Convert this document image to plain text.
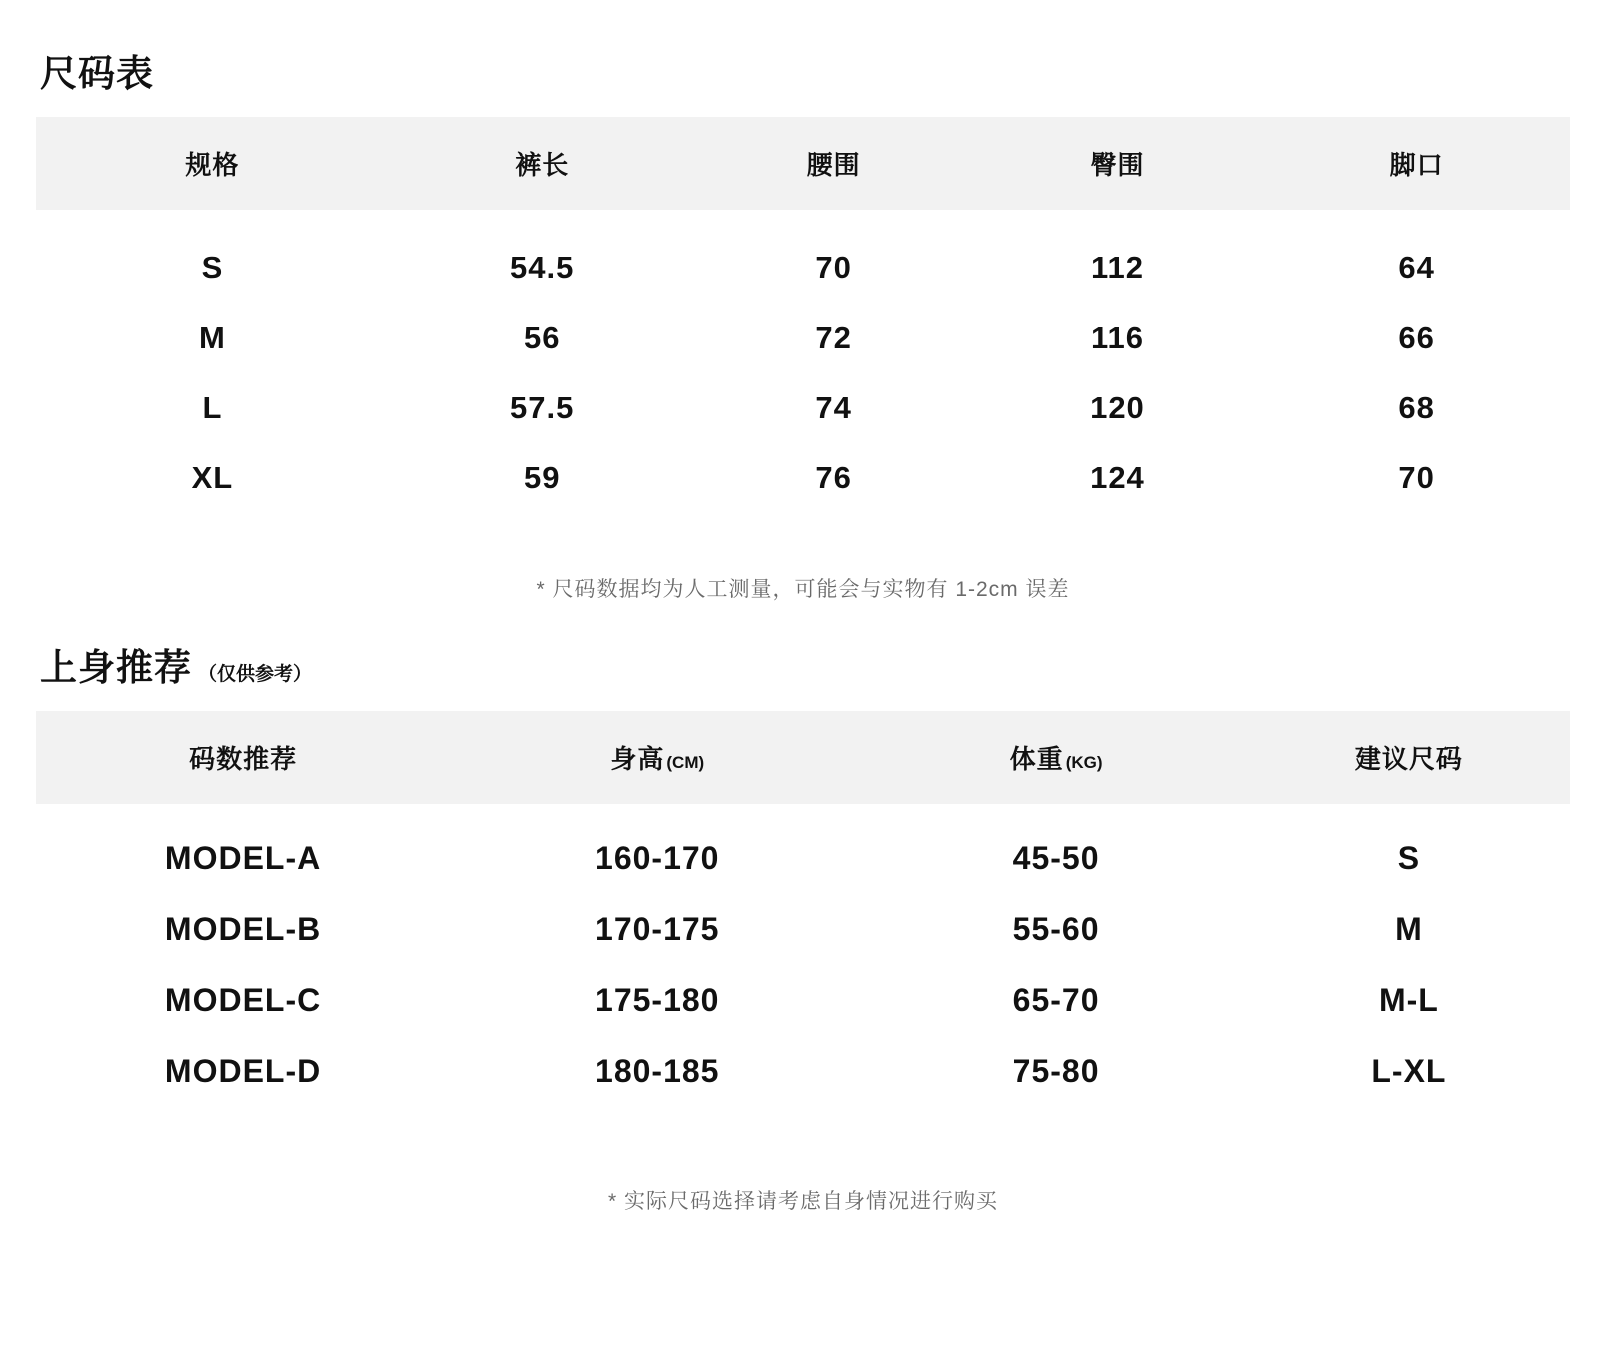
尺码表
规格	裤长	腰围	臀围	脚口
S	54.5	70	112	64
M	56	72	116	66
L	57.5	74	120	68
XL	59	76	124	70
* 尺码数据均为人工测量，可能会与实物有 1-2cm 误差
上身推荐 （仅供参考）
码数推荐	身高 (CM)	体重 (KG)	建议尺码
MODEL-A	160-170	45-50	S
MODEL-B	170-175	55-60	M
MODEL-C	175-180	65-70	M-L
MODEL-D	180-185	75-80	L-XL
* 实际尺码选择请考虑自身情况进行购买
